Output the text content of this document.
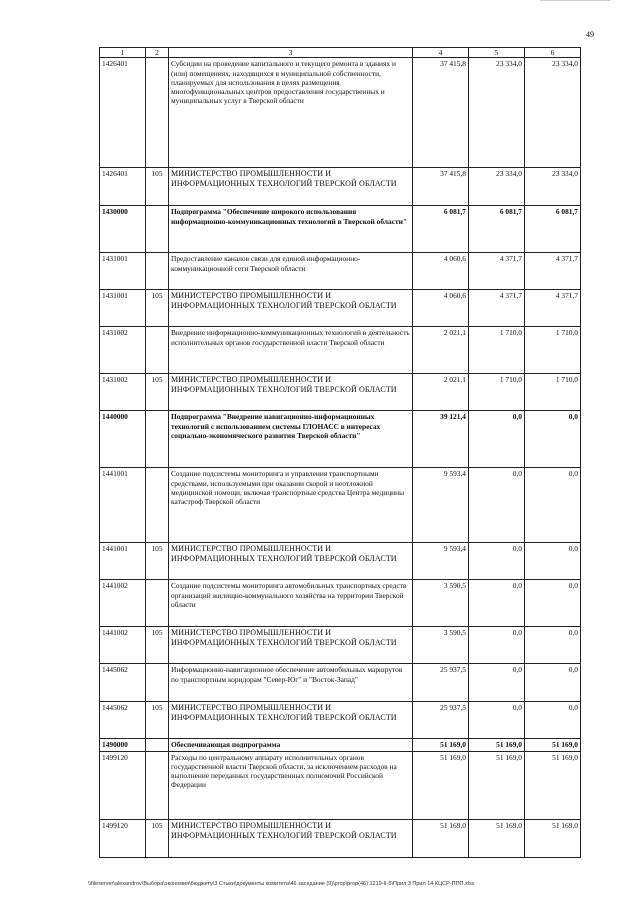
49
1	2	3	4	5	6
1426401		Субсидии на проведение капитального и текущего ремонта в зданиях и (или) помещениях, находящихся в муниципальной собственности, планируемых для использования в целях размещения многофункциональных центров предоставления государственных и муниципальных услуг в Тверской области	37 415,8	23 334,0	23 334,0
1426401	105	МИНИСТЕРСТВО ПРОМЫШЛЕННОСТИ И ИНФОРМАЦИОННЫХ ТЕХНОЛОГИЙ ТВЕРСКОЙ ОБЛАСТИ	37 415,8	23 334,0	23 334,0
1430000		Подпрограмма "Обеспечение широкого использования информационно-коммуникационных технологий в Тверской области"	6 081,7	6 081,7	6 081,7
1431001		Предоставление каналов связи для единой информационно-коммуникационной сети Тверской области	4 060,6	4 371,7	4 371,7
1431001	105	МИНИСТЕРСТВО ПРОМЫШЛЕННОСТИ И ИНФОРМАЦИОННЫХ ТЕХНОЛОГИЙ ТВЕРСКОЙ ОБЛАСТИ	4 060,6	4 371,7	4 371,7
1431002		Внедрение информационно-коммуникационных технологий в деятельность исполнительных органов государственной власти Тверской области	2 021,1	1 710,0	1 710,0
1431002	105	МИНИСТЕРСТВО ПРОМЫШЛЕННОСТИ И ИНФОРМАЦИОННЫХ ТЕХНОЛОГИЙ ТВЕРСКОЙ ОБЛАСТИ	2 021,1	1 710,0	1 710,0
1440000		Подпрограмма "Внедрение навигационно-информационных технологий с использованием системы ГЛОНАСС в интересах социально-экономического развития Тверской области"	39 121,4	0,0	0,0
1441001		Создание подсистемы мониторинга и управления транспортными средствами, используемыми при оказании скорой и неотложной медицинской помощи, включая транспортные средства Центра медицины катастроф Тверской области	9 593,4	0,0	0,0
1441001	105	МИНИСТЕРСТВО ПРОМЫШЛЕННОСТИ И ИНФОРМАЦИОННЫХ ТЕХНОЛОГИЙ ТВЕРСКОЙ ОБЛАСТИ	9 593,4	0,0	0,0
1441002		Создание подсистемы мониторинга автомобильных транспортных средств организаций жилищно-коммунального хозяйства на территории Тверской области	3 590,5	0,0	0,0
1441002	105	МИНИСТЕРСТВО ПРОМЫШЛЕННОСТИ И ИНФОРМАЦИОННЫХ ТЕХНОЛОГИЙ ТВЕРСКОЙ ОБЛАСТИ	3 590,5	0,0	0,0
1445062		Информационно-навигационное обеспечение автомобильных маршрутов по транспортным коридорам "Север-Юг" и "Восток-Запад"	25 937,5	0,0	0,0
1445062	105	МИНИСТЕРСТВО ПРОМЫШЛЕННОСТИ И ИНФОРМАЦИОННЫХ ТЕХНОЛОГИЙ ТВЕРСКОЙ ОБЛАСТИ	25 937,5	0,0	0,0
1490000		Обеспечивающая подпрограмма	51 169,0	51 169,0	51 169,0
1499120		Расходы по центральному аппарату исполнительных органов государственной власти Тверской области, за исключением расходов на выполнение переданных государственных полномочий Российской Федерации	51 169,0	51 169,0	51 169,0
1499120	105	МИНИСТЕРСТВО ПРОМЫШЛЕННОСТИ И ИНФОРМАЦИОННЫХ ТЕХНОЛОГИЙ ТВЕРСКОЙ ОБЛАСТИ	51 169,0	51 169,0	51 169,0
\\fileserver\alexandrov\Выбора\экономия\бюджету\3 Стыки\документы комитета\46 заседание (9)\prop\prop(46) 1219-II-5\Прил 3 Прил 14 КЦСР-ППП.xlsx
